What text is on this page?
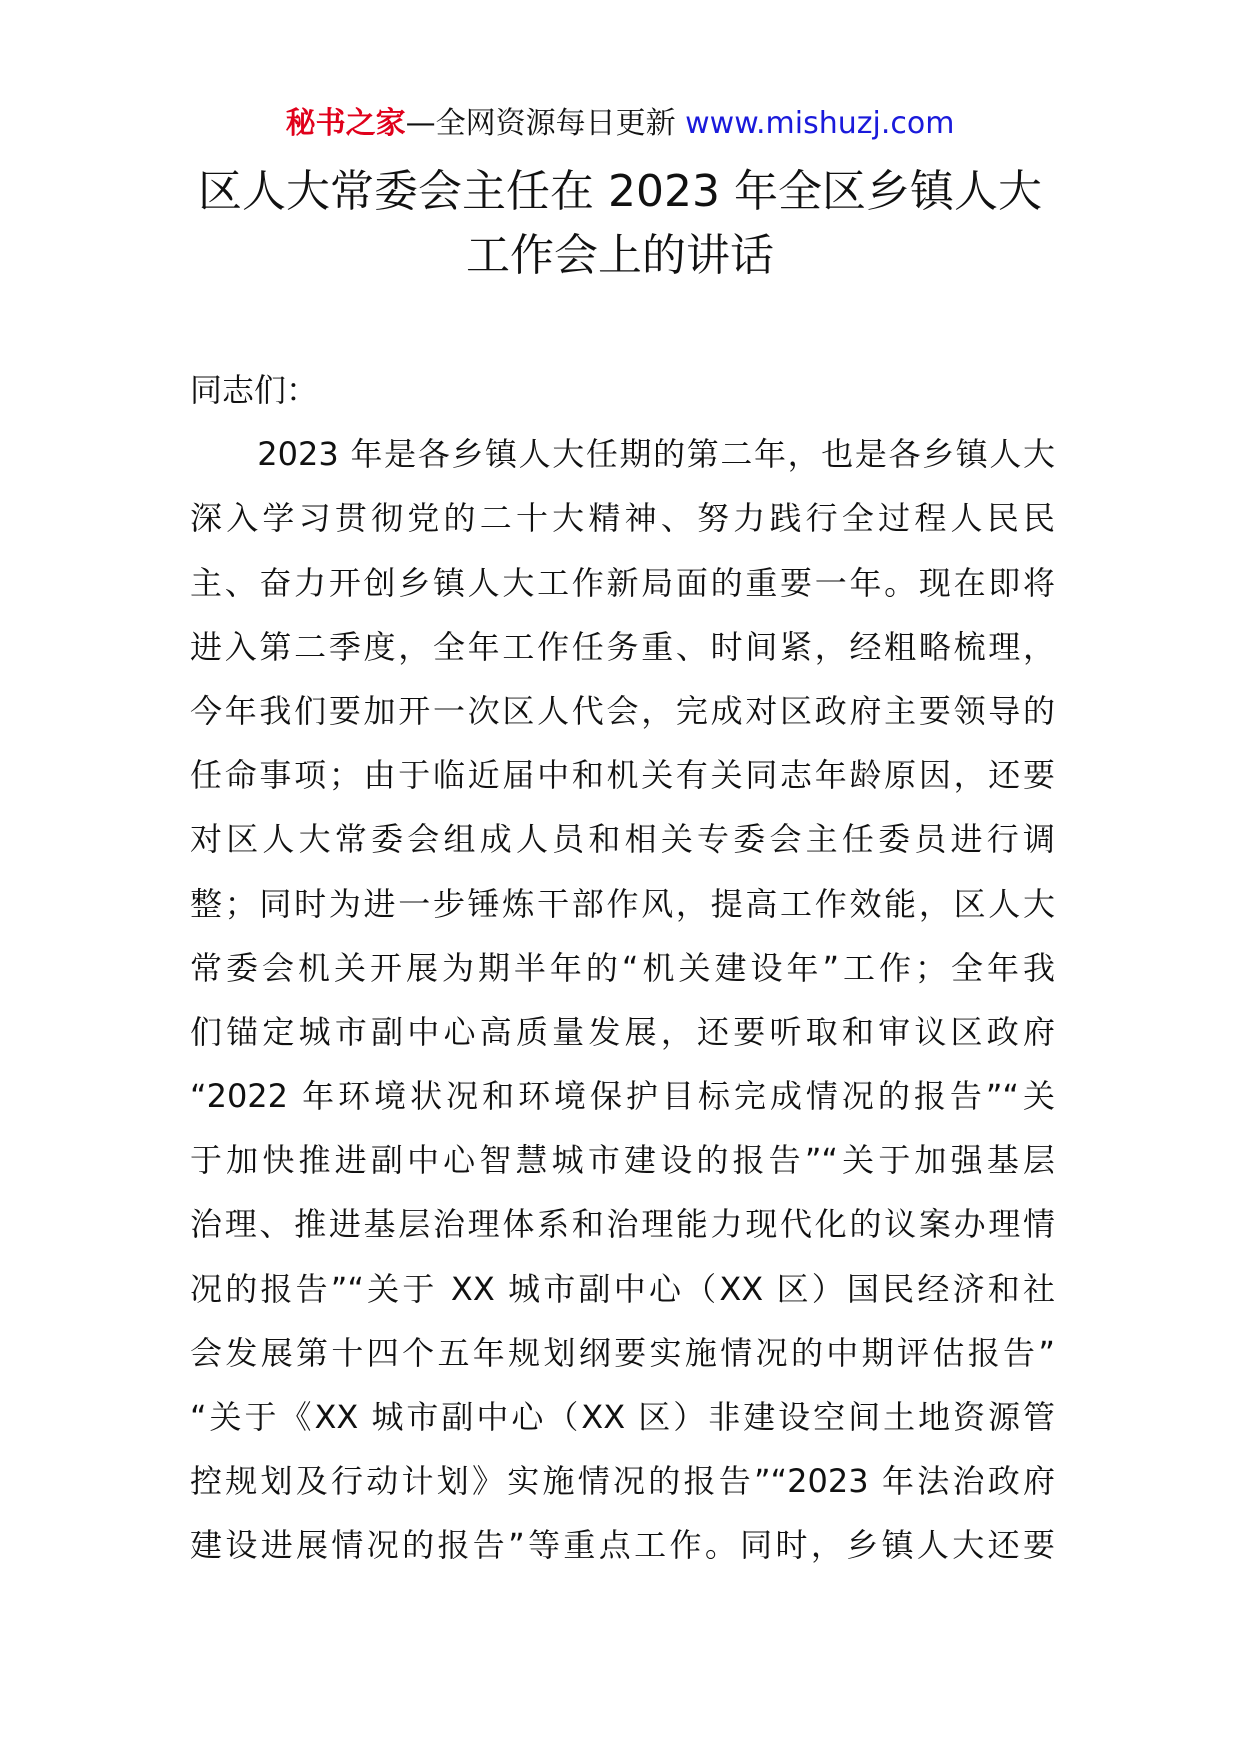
秘书之家—全网资源每日更新 www.mishuzj.com
区人大常委会主任在 2023 年全区乡镇人大
工作会上的讲话
同志们：
　　2023 年是各乡镇人大任期的第二年，也是各乡镇人大
深入学习贯彻党的二十大精神、努力践行全过程人民民
主、奋力开创乡镇人大工作新局面的重要一年。现在即将
进入第二季度，全年工作任务重、时间紧，经粗略梳理，
今年我们要加开一次区人代会，完成对区政府主要领导的
任命事项；由于临近届中和机关有关同志年龄原因，还要
对区人大常委会组成人员和相关专委会主任委员进行调
整；同时为进一步锤炼干部作风，提高工作效能，区人大
常委会机关开展为期半年的“机关建设年”工作；全年我
们锚定城市副中心高质量发展，还要听取和审议区政府
“2022 年环境状况和环境保护目标完成情况的报告”“关
于加快推进副中心智慧城市建设的报告”“关于加强基层
治理、推进基层治理体系和治理能力现代化的议案办理情
况的报告”“关于 XX 城市副中心（XX 区）国民经济和社
会发展第十四个五年规划纲要实施情况的中期评估报告”
“关于《XX 城市副中心（XX 区）非建设空间土地资源管
控规划及行动计划》实施情况的报告”“2023 年法治政府
建设进展情况的报告”等重点工作。同时，乡镇人大还要
